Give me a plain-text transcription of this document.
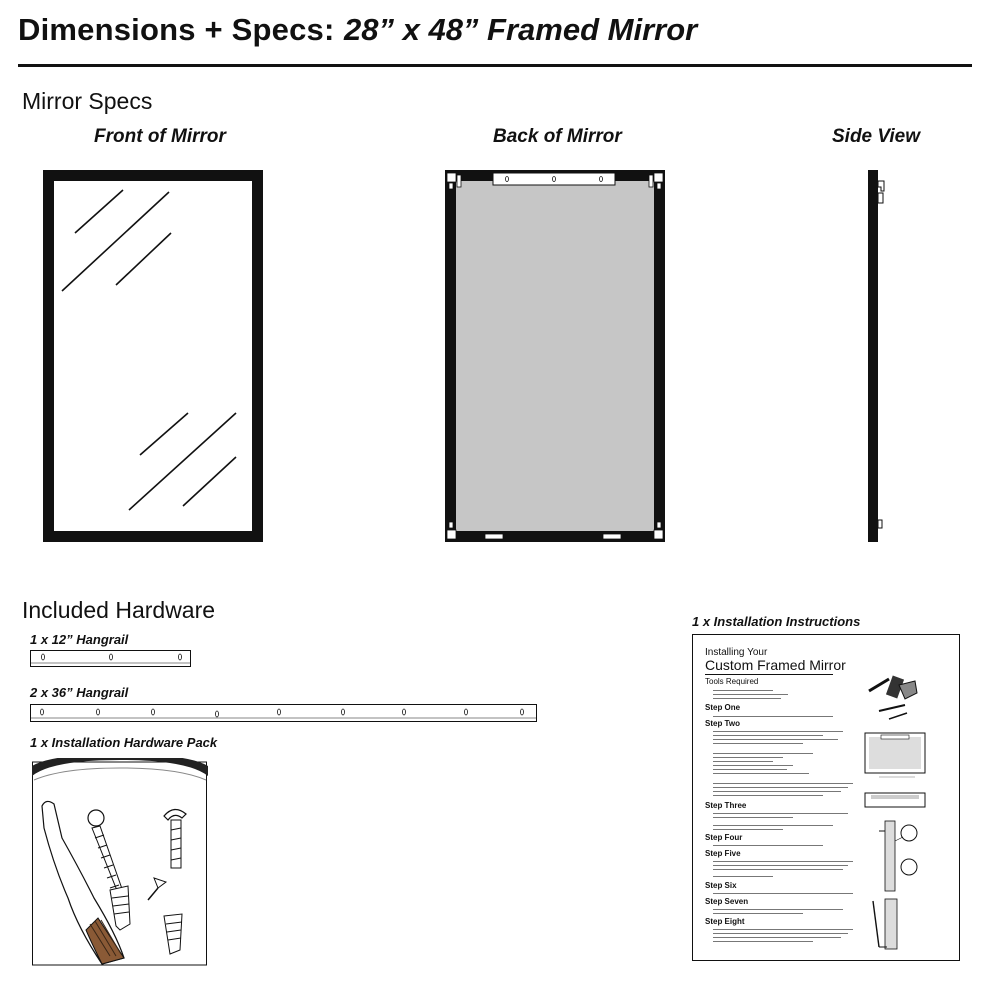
Dimensions + Specs: 28” x 48” Framed Mirror
Mirror Specs
Front of Mirror	Back of Mirror	Side View
Included Hardware
1 x 12” Hangrail
2 x 36” Hangrail
1 x Installation Hardware Pack
1 x Installation Instructions
Installing Your
Custom Framed Mirror
Tools Required
Step One
Step Two
Step Three
Step Four
Step Five
Step Six
Step Seven
Step Eight
